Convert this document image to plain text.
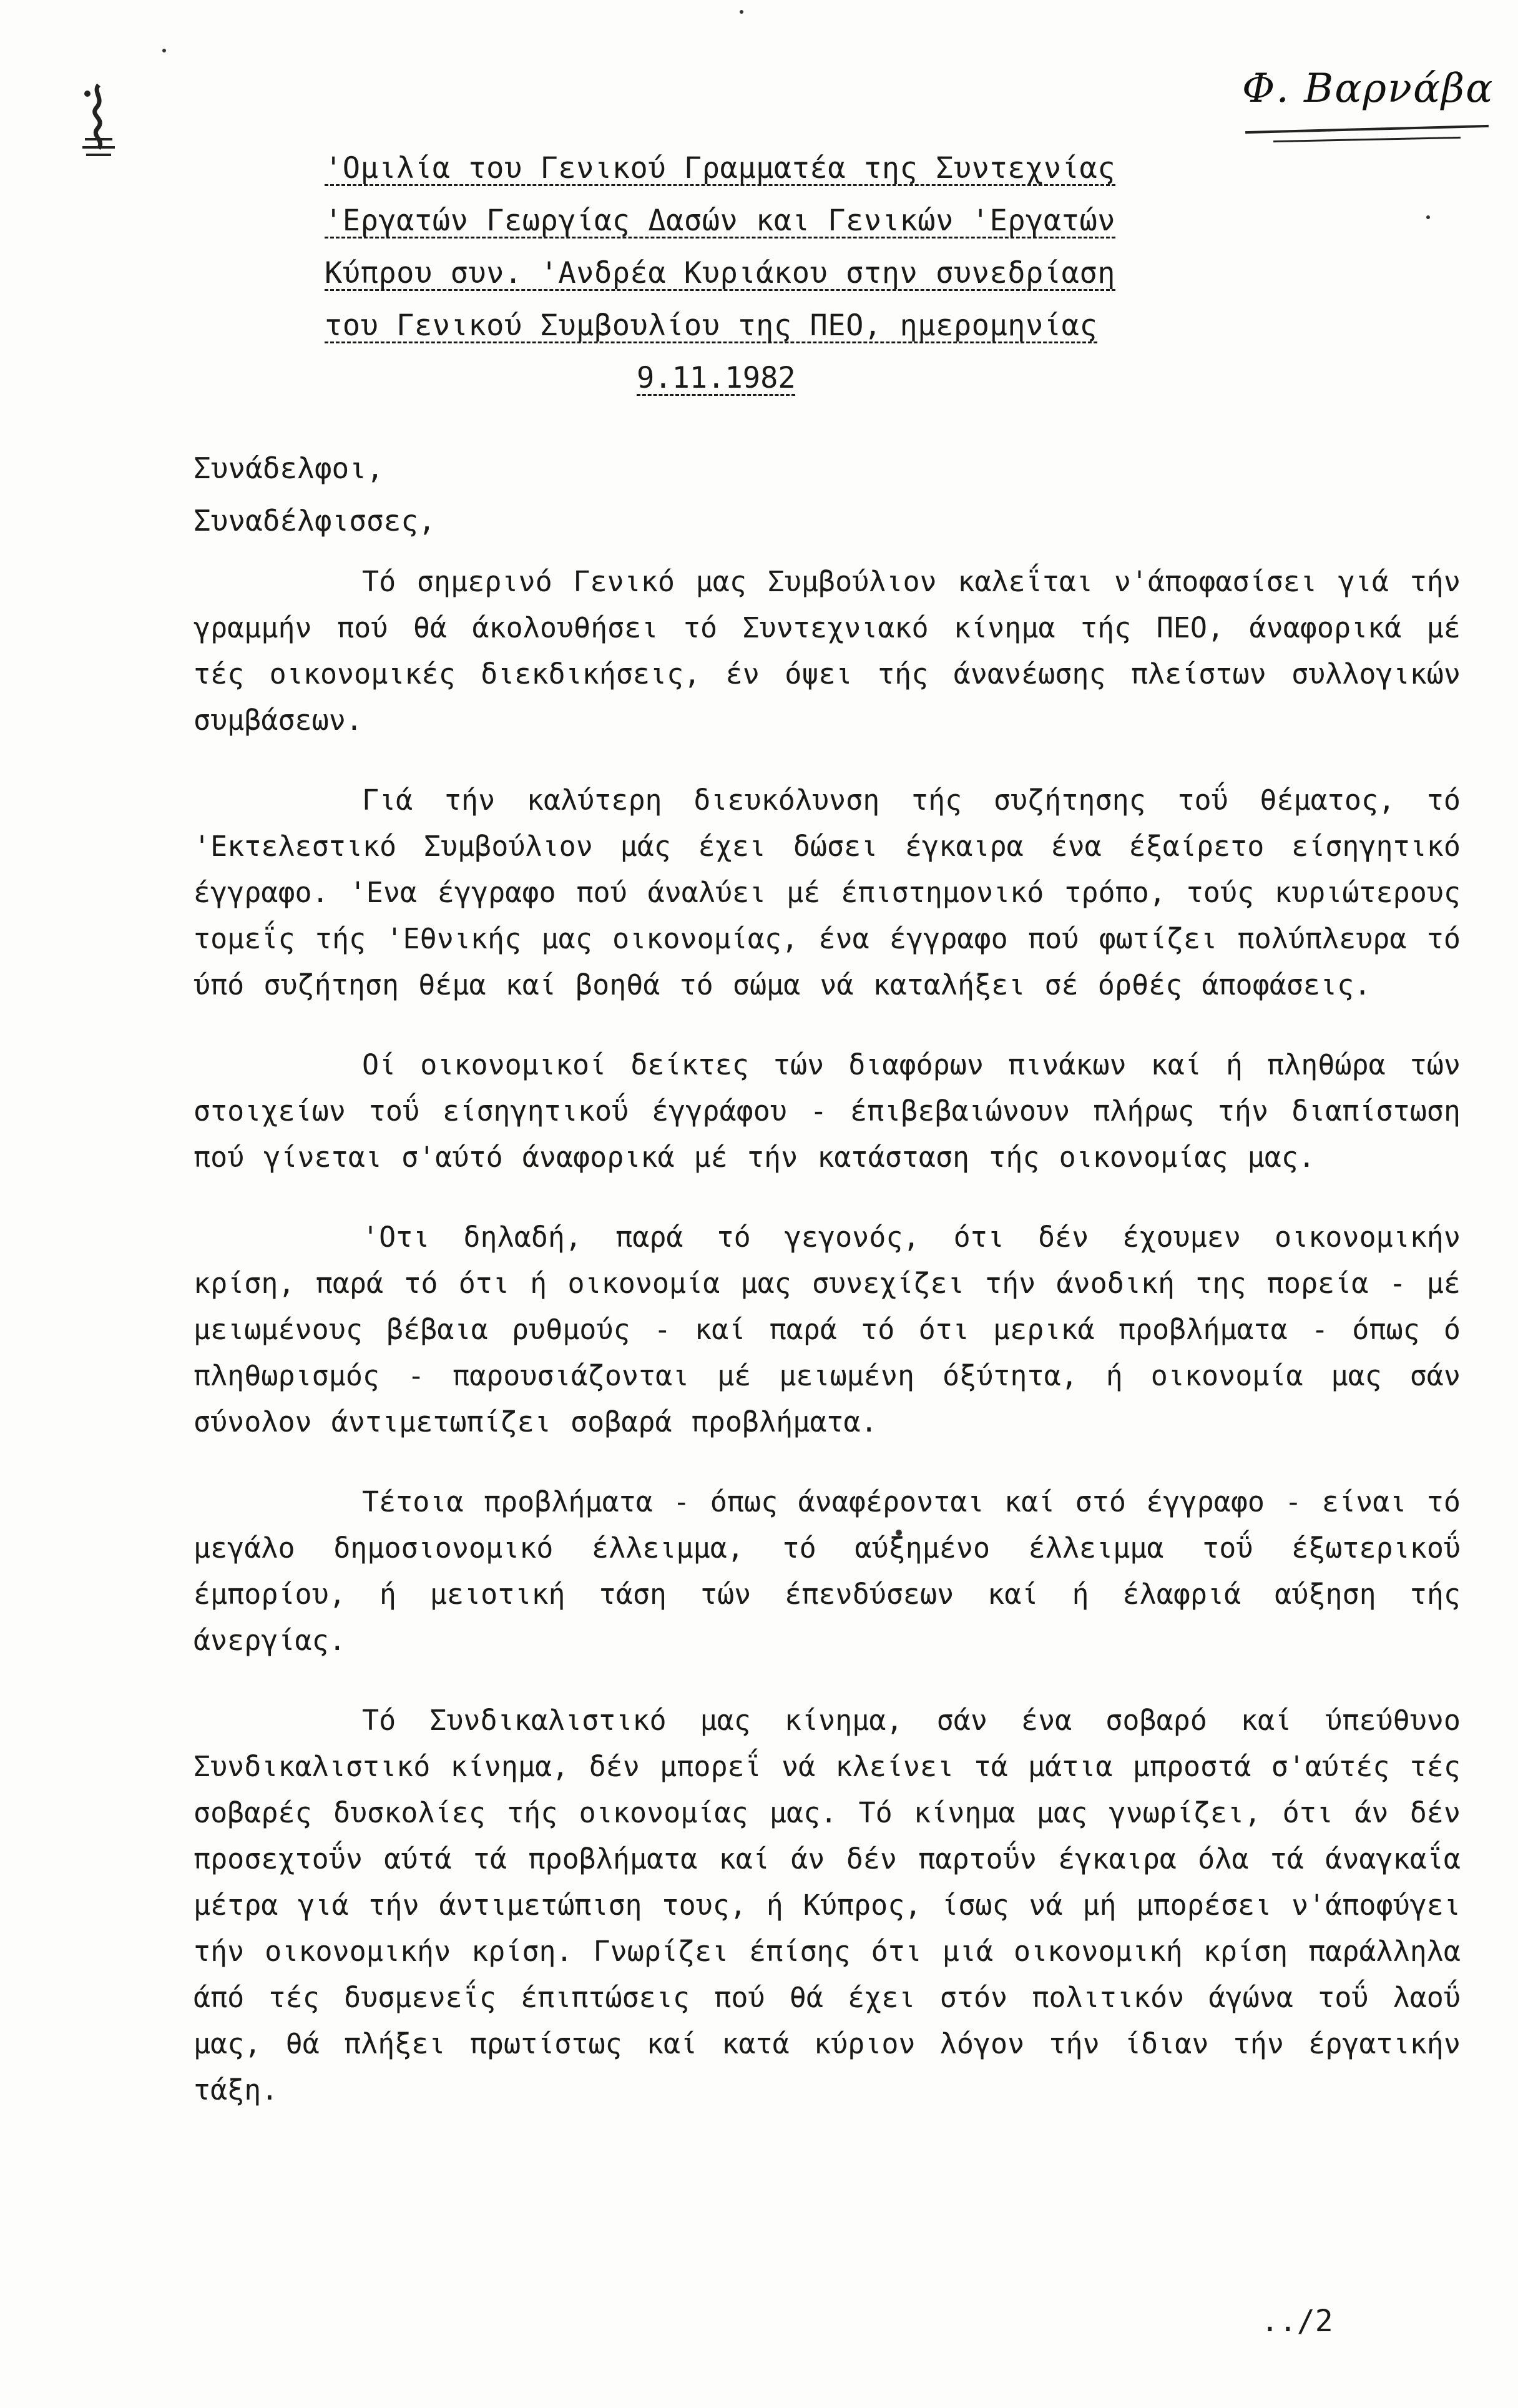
Φ. Βαρνάβα
'Ομιλία του Γενικού Γραμματέα της Συντεχνίας
'Εργατών Γεωργίας Δασών και Γενικών 'Εργατών
Κύπρου συν. 'Ανδρέα Κυριάκου στην συνεδρίαση
του Γενικού Συμβουλίου της ΠΕΟ, ημερομηνίας
9.11.1982
Συνάδελφοι,
Συναδέλφισσες,

Τό σημερινό Γενικό μας Συμβούλιον καλεΐται ν'άποφασίσει γιά τήν γραμμήν πού θά άκολουθήσει τό Συντεχνιακό κίνημα τής ΠΕΟ, άναφορικά μέ τές οικονομικές διεκδικήσεις, έν όψει τής άνανέωσης πλείστων συλλογικών συμβάσεων.

Γιά τήν καλύτερη διευκόλυνση τής συζήτησης τοΰ θέματος, τό 'Εκτελεστικό Συμβούλιον μάς έχει δώσει έγκαιρα ένα έξαίρετο είσηγητικό έγγραφο. 'Ενα έγγραφο πού άναλύει μέ έπιστημονικό τρόπο, τούς κυριώτερους τομεΐς τής 'Εθνικής μας οικονομίας, ένα έγγραφο πού φωτίζει πολύπλευρα τό ύπό συζήτηση θέμα καί βοηθά τό σώμα νά καταλήξει σέ όρθές άποφάσεις.

Οί οικονομικοί δείκτες τών διαφόρων πινάκων καί ή πληθώρα τών στοιχείων τοΰ είσηγητικοΰ έγγράφου - έπιβεβαιώνουν πλήρως τήν διαπίστωση πού γίνεται σ'αύτό άναφορικά μέ τήν κατάσταση τής οικονομίας μας.

'Οτι δηλαδή, παρά τό γεγονός, ότι δέν έχουμεν οικονομικήν κρίση, παρά τό ότι ή οικονομία μας συνεχίζει τήν άνοδική της πορεία - μέ μειωμένους βέβαια ρυθμούς - καί παρά τό ότι μερικά προβλήματα - όπως ό πληθωρισμός - παρουσιάζονται μέ μειωμένη όξύτητα, ή οικονομία μας σάν σύνολον άντιμετωπίζει σοβαρά προβλήματα.

Τέτοια προβλήματα - όπως άναφέρονται καί στό έγγραφο - είναι τό μεγάλο δημοσιονομικό έλλειμμα, τό αύξημένο έλλειμμα τοΰ έξωτερικοΰ έμπορίου, ή μειοτική τάση τών έπενδύσεων καί ή έλαφριά αύξηση τής άνεργίας.

Τό Συνδικαλιστικό μας κίνημα, σάν ένα σοβαρό καί ύπεύθυνο Συνδικαλιστικό κίνημα, δέν μπορεΐ νά κλείνει τά μάτια μπροστά σ'αύτές τές σοβαρές δυσκολίες τής οικονομίας μας. Τό κίνημα μας γνωρίζει, ότι άν δέν προσεχτοΰν αύτά τά προβλήματα καί άν δέν παρτοΰν έγκαιρα όλα τά άναγκαΐα μέτρα γιά τήν άντιμετώπιση τους, ή Κύπρος, ίσως νά μή μπορέσει ν'άποφύγει τήν οικονομικήν κρίση. Γνωρίζει έπίσης ότι μιά οικονομική κρίση παράλληλα άπό τές δυσμενεΐς έπιπτώσεις πού θά έχει στόν πολιτικόν άγώνα τοΰ λαοΰ μας, θά πλήξει πρωτίστως καί κατά κύριον λόγον τήν ίδιαν τήν έργατικήν τάξη.

../2
